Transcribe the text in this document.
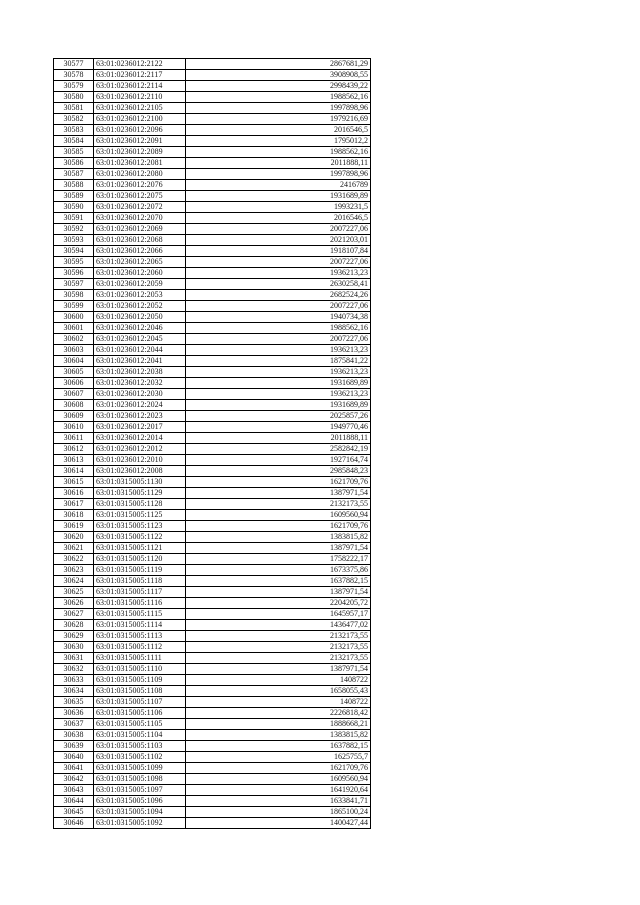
30577	63:01:0236012:2122	2867681,29
30578	63:01:0236012:2117	3908908,55
30579	63:01:0236012:2114	2998439,22
30580	63:01:0236012:2110	1988562,16
30581	63:01:0236012:2105	1997898,96
30582	63:01:0236012:2100	1979216,69
30583	63:01:0236012:2096	2016546,5
30584	63:01:0236012:2091	1795012,2
30585	63:01:0236012:2089	1988562,16
30586	63:01:0236012:2081	2011888,11
30587	63:01:0236012:2080	1997898,96
30588	63:01:0236012:2076	2416789
30589	63:01:0236012:2075	1931689,89
30590	63:01:0236012:2072	1993231,5
30591	63:01:0236012:2070	2016546,5
30592	63:01:0236012:2069	2007227,06
30593	63:01:0236012:2068	2021203,01
30594	63:01:0236012:2066	1918107,84
30595	63:01:0236012:2065	2007227,06
30596	63:01:0236012:2060	1936213,23
30597	63:01:0236012:2059	2630258,41
30598	63:01:0236012:2053	2682524,26
30599	63:01:0236012:2052	2007227,06
30600	63:01:0236012:2050	1940734,38
30601	63:01:0236012:2046	1988562,16
30602	63:01:0236012:2045	2007227,06
30603	63:01:0236012:2044	1936213,23
30604	63:01:0236012:2041	1875841,22
30605	63:01:0236012:2038	1936213,23
30606	63:01:0236012:2032	1931689,89
30607	63:01:0236012:2030	1936213,23
30608	63:01:0236012:2024	1931689,89
30609	63:01:0236012:2023	2025857,26
30610	63:01:0236012:2017	1949770,46
30611	63:01:0236012:2014	2011888,11
30612	63:01:0236012:2012	2582842,19
30613	63:01:0236012:2010	1927164,74
30614	63:01:0236012:2008	2985848,23
30615	63:01:0315005:1130	1621709,76
30616	63:01:0315005:1129	1387971,54
30617	63:01:0315005:1128	2132173,55
30618	63:01:0315005:1125	1609560,94
30619	63:01:0315005:1123	1621709,76
30620	63:01:0315005:1122	1383815,82
30621	63:01:0315005:1121	1387971,54
30622	63:01:0315005:1120	1758222,17
30623	63:01:0315005:1119	1673375,86
30624	63:01:0315005:1118	1637882,15
30625	63:01:0315005:1117	1387971,54
30626	63:01:0315005:1116	2204205,72
30627	63:01:0315005:1115	1645957,17
30628	63:01:0315005:1114	1436477,02
30629	63:01:0315005:1113	2132173,55
30630	63:01:0315005:1112	2132173,55
30631	63:01:0315005:1111	2132173,55
30632	63:01:0315005:1110	1387971,54
30633	63:01:0315005:1109	1408722
30634	63:01:0315005:1108	1658055,43
30635	63:01:0315005:1107	1408722
30636	63:01:0315005:1106	2226818,42
30637	63:01:0315005:1105	1888668,21
30638	63:01:0315005:1104	1383815,82
30639	63:01:0315005:1103	1637882,15
30640	63:01:0315005:1102	1625755,7
30641	63:01:0315005:1099	1621709,76
30642	63:01:0315005:1098	1609560,94
30643	63:01:0315005:1097	1641920,64
30644	63:01:0315005:1096	1633841,71
30645	63:01:0315005:1094	1865100,24
30646	63:01:0315005:1092	1400427,44
